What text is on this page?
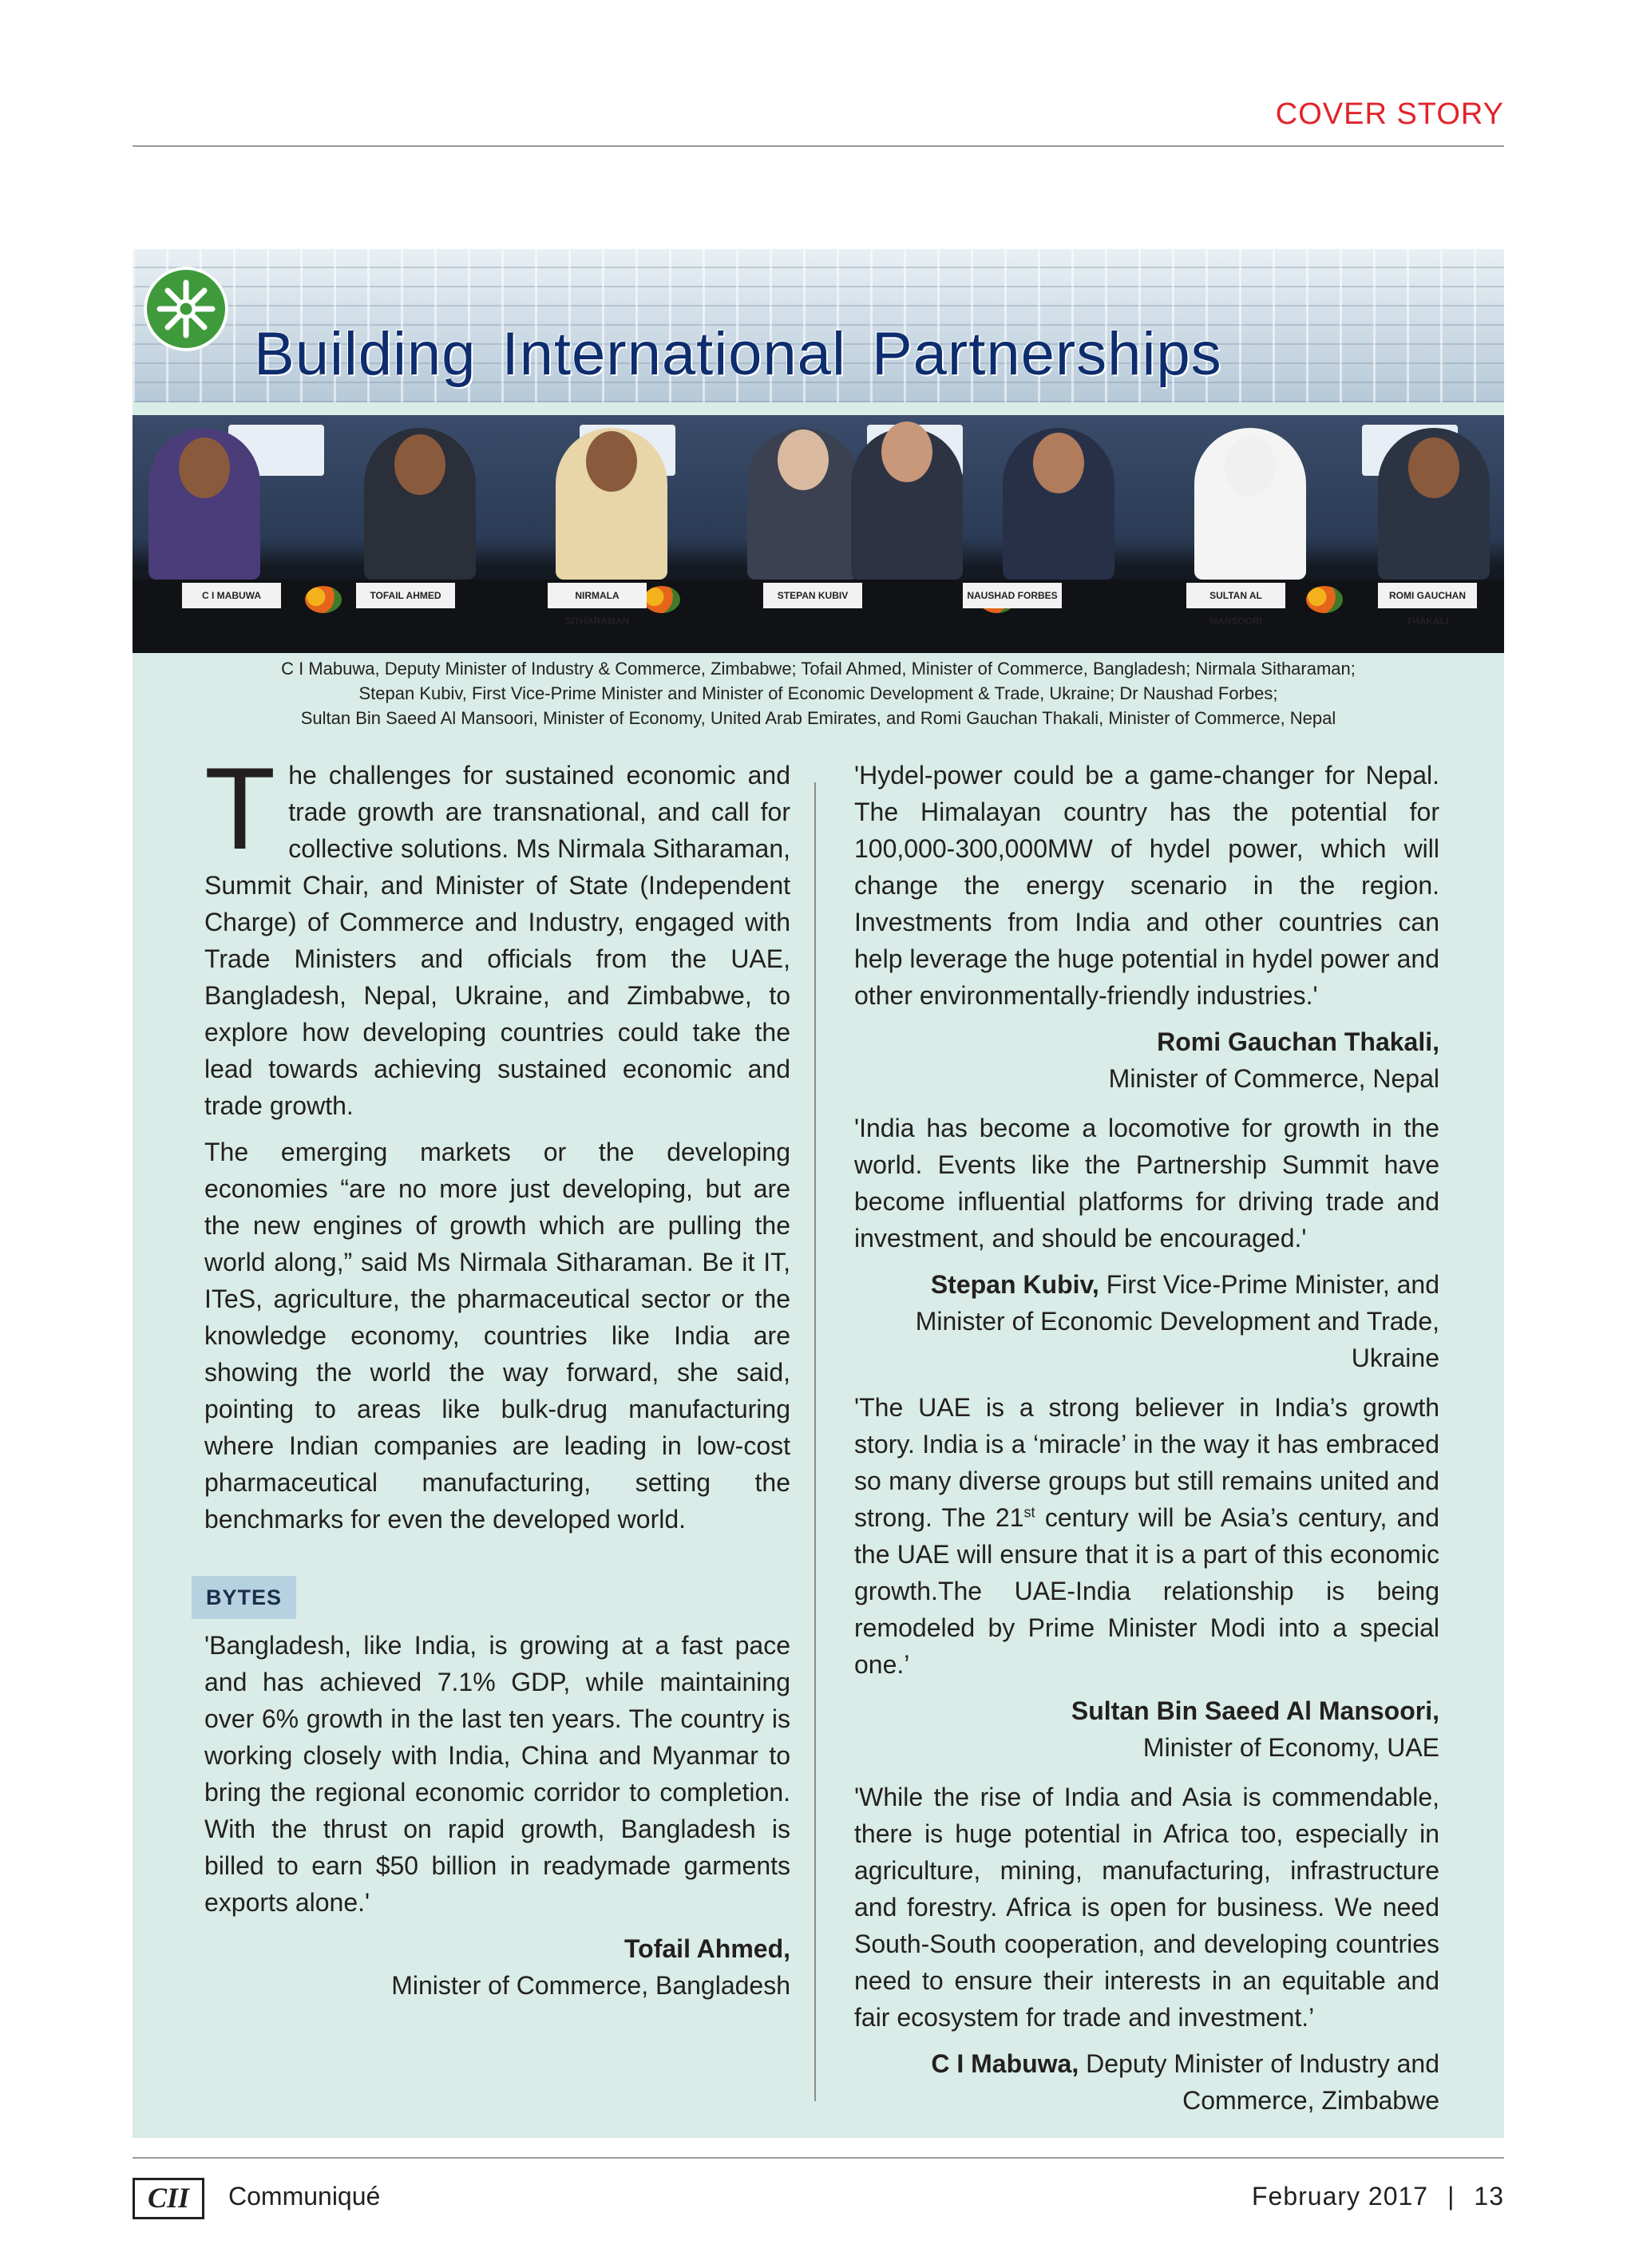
COVER STORY
Building International Partnerships
C I MABUWA	TOFAIL AHMED	NIRMALA SITHARAMAN
STEPAN KUBIV	NAUSHAD FORBES	SULTAN AL MANSOORI
ROMI GAUCHAN THAKALI
C I Mabuwa, Deputy Minister of Industry & Commerce, Zimbabwe; Tofail Ahmed, Minister of Commerce, Bangladesh; Nirmala Sitharaman;
Stepan Kubiv, First Vice-Prime Minister and Minister of Economic Development & Trade, Ukraine; Dr Naushad Forbes;
Sultan Bin Saeed Al Mansoori, Minister of Economy, United Arab Emirates, and Romi Gauchan Thakali, Minister of Commerce, Nepal

The challenges for sustained economic and trade growth are transnational, and call for collective solutions. Ms Nirmala Sitharaman, Summit Chair, and Minister of State (Independent Charge) of Commerce and Industry, engaged with Trade Ministers and officials from the UAE, Bangladesh, Nepal, Ukraine, and Zimbabwe, to explore how developing countries could take the lead towards achieving sustained economic and trade growth.

The emerging markets or the developing economies “are no more just developing, but are the new engines of growth which are pulling the world along,” said Ms Nirmala Sitharaman. Be it IT, ITeS, agriculture, the pharmaceutical sector or the knowledge economy, countries like India are showing the world the way forward, she said, pointing to areas like bulk-drug manufacturing where Indian companies are leading in low-cost pharmaceutical manufacturing, setting the benchmarks for even the developed world.

BYTES

'Bangladesh, like India, is growing at a fast pace and has achieved 7.1% GDP, while maintaining over 6% growth in the last ten years. The country is working closely with India, China and Myanmar to bring the regional economic corridor to completion. With the thrust on rapid growth, Bangladesh is billed to earn $50 billion in readymade garments exports alone.'

Tofail Ahmed,
Minister of Commerce, Bangladesh

'Hydel-power could be a game-changer for Nepal. The Himalayan country has the potential for 100,000-300,000MW of hydel power, which will change the energy scenario in the region. Investments from India and other countries can help leverage the huge potential in hydel power and other environmentally-friendly industries.'

Romi Gauchan Thakali,
Minister of Commerce, Nepal

'India has become a locomotive for growth in the world. Events like the Partnership Summit have become influential platforms for driving trade and investment, and should be encouraged.'

Stepan Kubiv, First Vice-Prime Minister, and Minister of Economic Development and Trade, Ukraine

'The UAE is a strong believer in India’s growth story. India is a ‘miracle’ in the way it has embraced so many diverse groups but still remains united and strong. The 21st century will be Asia’s century, and the UAE will ensure that it is a part of this economic growth.The UAE-India relationship is being remodeled by Prime Minister Modi into a special one.’

Sultan Bin Saeed Al Mansoori,
Minister of Economy, UAE

'While the rise of India and Asia is commendable, there is huge potential in Africa too, especially in agriculture, mining, manufacturing, infrastructure and forestry. Africa is open for business. We need South-South cooperation, and developing countries need to ensure their interests in an equitable and fair ecosystem for trade and investment.’

C I Mabuwa, Deputy Minister of Industry and Commerce, Zimbabwe
CII	Communiqué	February 2017 | 13
